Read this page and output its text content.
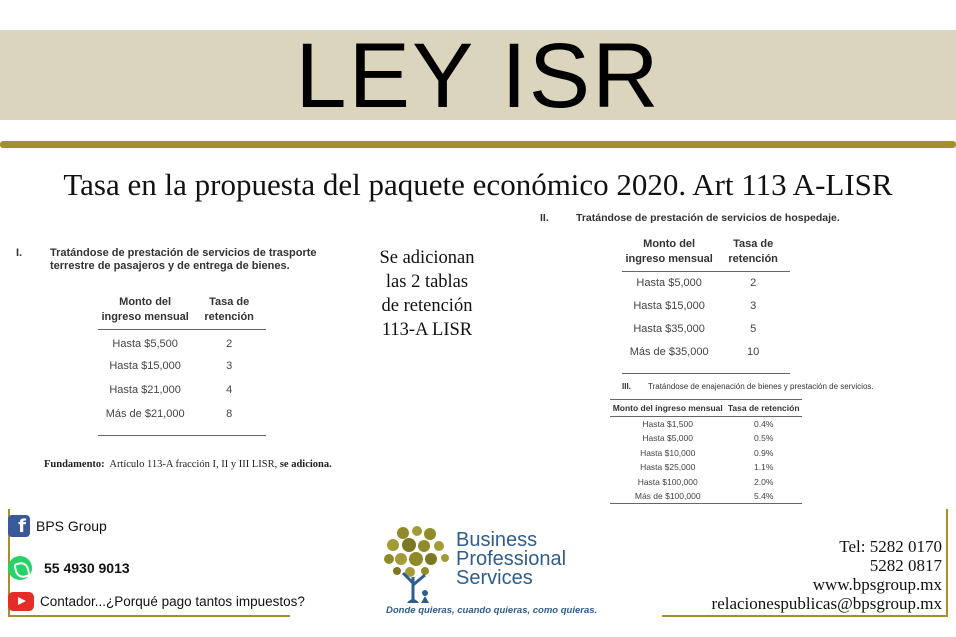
LEY ISR
Tasa en la propuesta del paquete económico 2020. Art 113 A-LISR
I.	Tratándose de prestación de servicios de trasporte terrestre de pasajeros y de entrega de bienes.
Monto del ingreso mensual	Tasa de retención
Hasta $5,500	2
Hasta $15,000	3
Hasta $21,000	4
Más de $21,000	8
Fundamento: Artículo 113-A fracción I, II y III LISR, se adiciona.
Se adicionan
las 2 tablas
de retención
113-A LISR
II.	Tratándose de prestación de servicios de hospedaje.
Monto del ingreso mensual	Tasa de retención
Hasta $5,000	2
Hasta $15,000	3
Hasta $35,000	5
Más de $35,000	10
III.	Tratándose de enajenación de bienes y prestación de servicios.
Monto del ingreso mensual	Tasa de retención
Hasta $1,500	0.4%
Hasta $5,000	0.5%
Hasta $10,000	0.9%
Hasta $25,000	1.1%
Hasta $100,000	2.0%
Más de $100,000	5.4%
f BPS Group
55 4930 9013
Contador...¿Porqué pago tantos impuestos?
Business
Professional
Services
Donde quieras, cuando quieras, como quieras.
Tel: 5282 0170
5282 0817
www.bpsgroup.mx
relacionespublicas@bpsgroup.mx
